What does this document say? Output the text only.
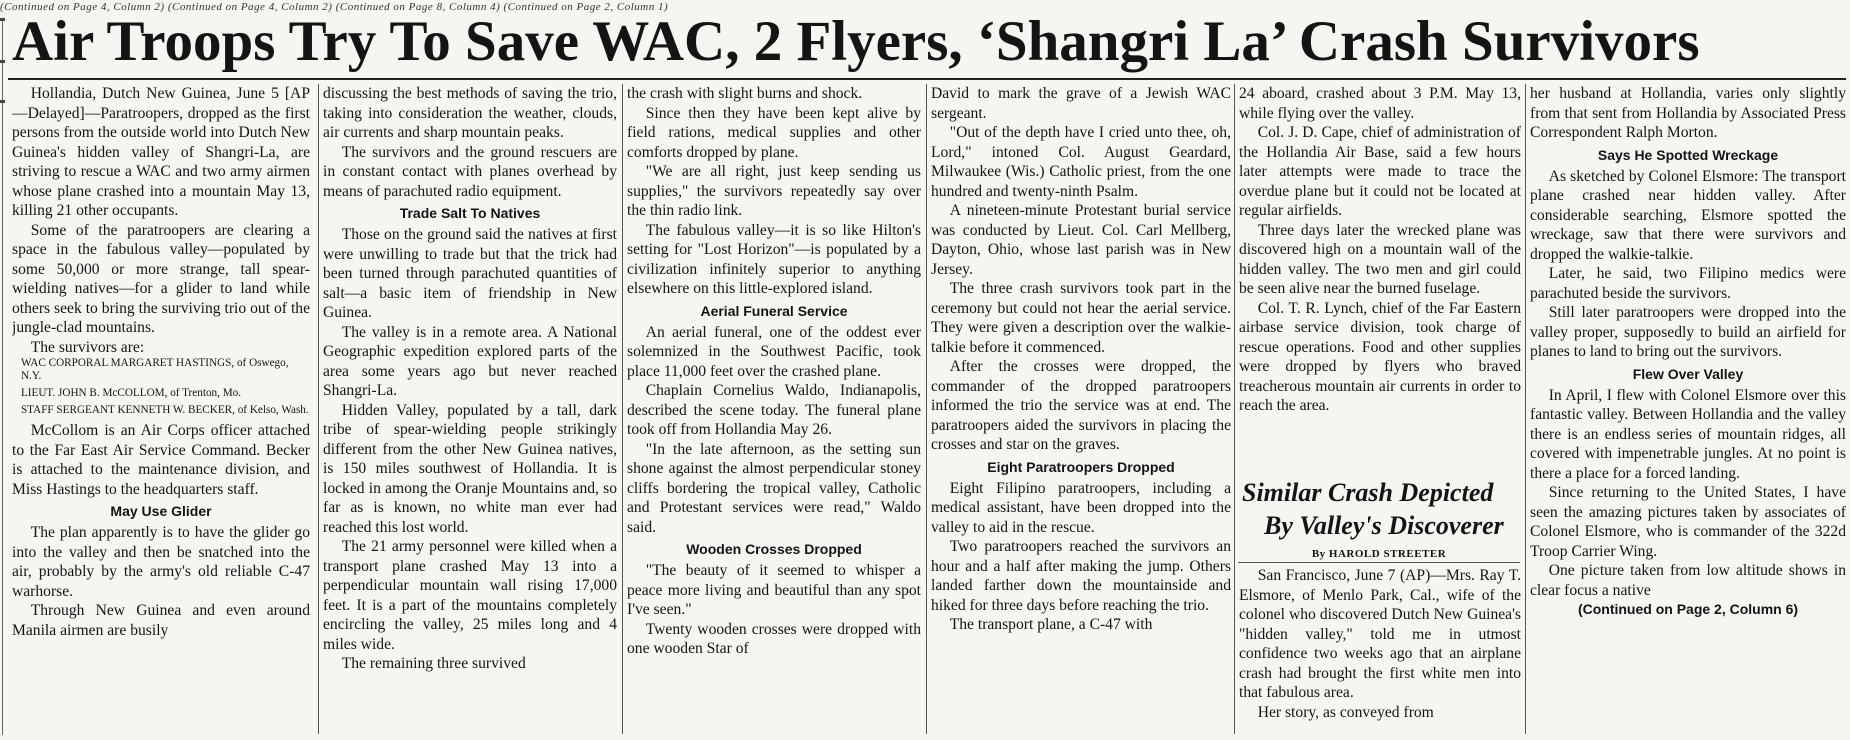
(Continued on Page 4, Column 2) (Continued on Page 4, Column 2) (Continued on Page 8, Column 4) (Continued on Page 2, Column 1)
Air Troops Try To Save WAC, 2 Flyers, ‘Shangri La’ Crash Survivors

Hollandia, Dutch New Guinea, June 5 [AP—Delayed]—Paratroopers, dropped as the first persons from the outside world into Dutch New Guinea's hidden valley of Shangri-La, are striving to rescue a WAC and two army airmen whose plane crashed into a mountain May 13, killing 21 other occupants.

Some of the paratroopers are clearing a space in the fabulous valley—populated by some 50,000 or more strange, tall spear-wielding natives—for a glider to land while others seek to bring the surviving trio out of the jungle-clad mountains.

The survivors are:

WAC CORPORAL MARGARET HASTINGS, of Oswego, N.Y.
LIEUT. JOHN B. McCOLLOM, of Trenton, Mo.
STAFF SERGEANT KENNETH W. BECKER, of Kelso, Wash.

McCollom is an Air Corps officer attached to the Far East Air Service Command. Becker is attached to the maintenance division, and Miss Hastings to the headquarters staff.

May Use Glider

The plan apparently is to have the glider go into the valley and then be snatched into the air, probably by the army's old reliable C-47 warhorse.

Through New Guinea and even around Manila airmen are busily

discussing the best methods of saving the trio, taking into consideration the weather, clouds, air currents and sharp mountain peaks.

The survivors and the ground rescuers are in constant contact with planes overhead by means of parachuted radio equipment.

Trade Salt To Natives

Those on the ground said the natives at first were unwilling to trade but that the trick had been turned through parachuted quantities of salt—a basic item of friendship in New Guinea.

The valley is in a remote area. A National Geographic expedition explored parts of the area some years ago but never reached Shangri-La.

Hidden Valley, populated by a tall, dark tribe of spear-wielding people strikingly different from the other New Guinea natives, is 150 miles southwest of Hollandia. It is locked in among the Oranje Mountains and, so far as is known, no white man ever had reached this lost world.

The 21 army personnel were killed when a transport plane crashed May 13 into a perpendicular mountain wall rising 17,000 feet. It is a part of the mountains completely encircling the valley, 25 miles long and 4 miles wide.

The remaining three survived

the crash with slight burns and shock.

Since then they have been kept alive by field rations, medical supplies and other comforts dropped by plane.

"We are all right, just keep sending us supplies," the survivors repeatedly say over the thin radio link.

The fabulous valley—it is so like Hilton's setting for "Lost Horizon"—is populated by a civilization infinitely superior to anything elsewhere on this little-explored island.

Aerial Funeral Service

An aerial funeral, one of the oddest ever solemnized in the Southwest Pacific, took place 11,000 feet over the crashed plane.

Chaplain Cornelius Waldo, Indianapolis, described the scene today. The funeral plane took off from Hollandia May 26.

"In the late afternoon, as the setting sun shone against the almost perpendicular stoney cliffs bordering the tropical valley, Catholic and Protestant services were read," Waldo said.

Wooden Crosses Dropped

"The beauty of it seemed to whisper a peace more living and beautiful than any spot I've seen."

Twenty wooden crosses were dropped with one wooden Star of

David to mark the grave of a Jewish WAC sergeant.

"Out of the depth have I cried unto thee, oh, Lord," intoned Col. August Geardard, Milwaukee (Wis.) Catholic priest, from the one hundred and twenty-ninth Psalm.

A nineteen-minute Protestant burial service was conducted by Lieut. Col. Carl Mellberg, Dayton, Ohio, whose last parish was in New Jersey.

The three crash survivors took part in the ceremony but could not hear the aerial service. They were given a description over the walkie-talkie before it commenced.

After the crosses were dropped, the commander of the dropped paratroopers informed the trio the service was at end. The paratroopers aided the survivors in placing the crosses and star on the graves.

Eight Paratroopers Dropped

Eight Filipino paratroopers, including a medical assistant, have been dropped into the valley to aid in the rescue.

Two paratroopers reached the survivors an hour and a half after making the jump. Others landed farther down the mountainside and hiked for three days before reaching the trio.

The transport plane, a C-47 with

24 aboard, crashed about 3 P.M. May 13, while flying over the valley.

Col. J. D. Cape, chief of administration of the Hollandia Air Base, said a few hours later attempts were made to trace the overdue plane but it could not be located at regular airfields.

Three days later the wrecked plane was discovered high on a mountain wall of the hidden valley. The two men and girl could be seen alive near the burned fuselage.

Col. T. R. Lynch, chief of the Far Eastern airbase service division, took charge of rescue operations. Food and other supplies were dropped by flyers who braved treacherous mountain air currents in order to reach the area.

Similar Crash Depicted
By Valley's Discoverer
By HAROLD STREETER

San Francisco, June 7 (AP)—Mrs. Ray T. Elsmore, of Menlo Park, Cal., wife of the colonel who discovered Dutch New Guinea's "hidden valley," told me in utmost confidence two weeks ago that an airplane crash had brought the first white men into that fabulous area.

Her story, as conveyed from

her husband at Hollandia, varies only slightly from that sent from Hollandia by Associated Press Correspondent Ralph Morton.

Says He Spotted Wreckage

As sketched by Colonel Elsmore: The transport plane crashed near hidden valley. After considerable searching, Elsmore spotted the wreckage, saw that there were survivors and dropped the walkie-talkie.

Later, he said, two Filipino medics were parachuted beside the survivors.

Still later paratroopers were dropped into the valley proper, supposedly to build an airfield for planes to land to bring out the survivors.

Flew Over Valley

In April, I flew with Colonel Elsmore over this fantastic valley. Between Hollandia and the valley there is an endless series of mountain ridges, all covered with impenetrable jungles. At no point is there a place for a forced landing.

Since returning to the United States, I have seen the amazing pictures taken by associates of Colonel Elsmore, who is commander of the 322d Troop Carrier Wing.

One picture taken from low altitude shows in clear focus a native

(Continued on Page 2, Column 6)
